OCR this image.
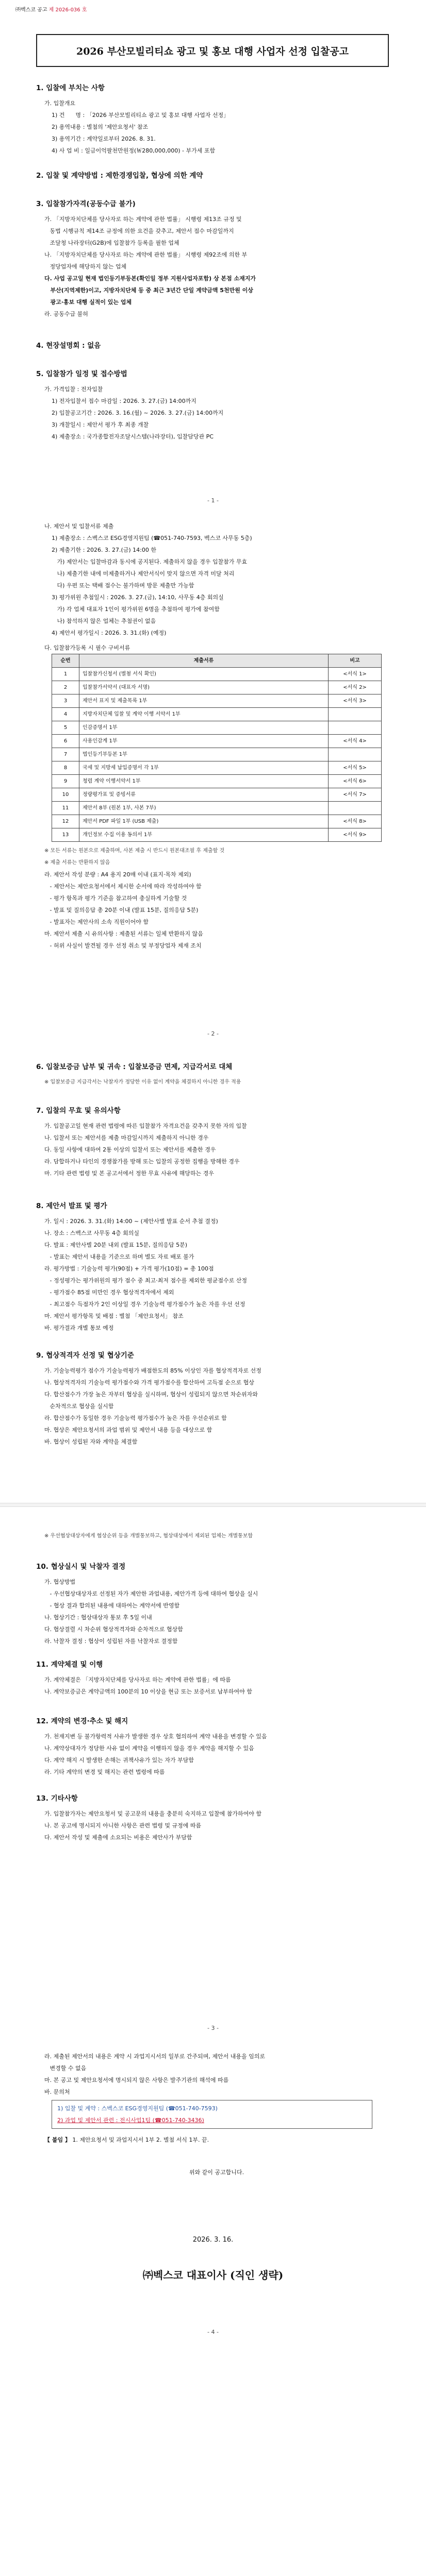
㈜벡스코 공고 제 2026-036 호
2026 부산모빌리티쇼 광고 및 홍보 대행 사업자 선정 입찰공고
1. 입찰에 부치는 사항
가. 입찰개요
1) 건      명 : 「2026 부산모빌리티쇼 광고 및 홍보 대행 사업자 선정」
2) 용역내용 : 별첨의 '제안요청서' 참조
3) 용역기간 : 계약일로부터 2026. 8. 31.
4) 사 업 비 : 일금이억팔천만원정(￦280,000,000) - 부가세 포함
2. 입찰 및 계약방법 : 제한경쟁입찰, 협상에 의한 계약
3. 입찰참가자격(공동수급 불가)
가. 「지방자치단체를 당사자로 하는 계약에 관한 법률」 시행령 제13조 규정 및
동법 시행규칙 제14조 규정에 의한 요건을 갖추고, 제안서 접수 마감일까지
조달청 나라장터(G2B)에 입찰참가 등록을 필한 업체
나. 「지방자치단체를 당사자로 하는 계약에 관한 법률」 시행령 제92조에 의한 부
정당업자에 해당하지 않는 업체
다. 사업 공고일 현재 법인등기부등본(확인일 정부 지원사업자포함) 상 본점 소재지가
부산(지역제한)이고, 지방자치단체 등 중 최근 3년간 단일 계약금액 5천만원 이상
광고·홍보 대행 실적이 있는 업체
라. 공동수급 불허
4. 현장설명회 : 없음
5. 입찰참가 일정 및 접수방법
가. 가격입찰 : 전자입찰
1) 전자입찰서 접수 마감일 : 2026. 3. 27.(금) 14:00까지
2) 입찰공고기간 : 2026. 3. 16.(월) ~ 2026. 3. 27.(금) 14:00까지
3) 개찰일시 : 제안서 평가 후 최종 개찰
4) 제출장소 : 국가종합전자조달시스템(나라장터), 입찰담당관 PC
- 1 -
나. 제안서 및 입찰서류 제출
1) 제출장소 : 스벡스코 ESG경영지원팀 (☎051-740-7593, 벡스코 사무동 5층)
2) 제출기한 : 2026. 3. 27.(금) 14:00 한
가) 제안서는 입찰마감과 동시에 공지된다. 제출하지 않을 경우 입찰참가 무효
나) 제출기한 내에 미제출하거나 제안서식이 맞지 않으면 자격 미달 처리
다) 우편 또는 택배 접수는 불가하며 방문 제출만 가능함
3) 평가위원 추첨일시 : 2026. 3. 27.(금), 14:10, 사무동 4층 회의실
가) 각 업체 대표자 1인이 평가위원 6명을 추첨하여 평가에 참여함
나) 참석하지 않은 업체는 추첨권이 없음
4) 제안서 평가일시 : 2026. 3. 31.(화) (예정)
다. 입찰참가등록 시 필수 구비서류
순번	제출서류	비고
1	입찰참가신청서 (별첨 서식 확인)	<서식 1>
2	입찰참가서약서 (대표자 서명)	<서식 2>
3	제안서 표지 및 제출목록 1부	<서식 3>
4	지방자치단체 입찰 및 계약 이행 서약서 1부	
5	인감증명서 1부	
6	사용인감계 1부	<서식 4>
7	법인등기부등본 1부	
8	국세 및 지방세 납입증명서 각 1부	<서식 5>
9	청렴 계약 이행서약서 1부	<서식 6>
10	정량평가표 및 증빙서류	<서식 7>
11	제안서 8부 (원본 1부, 사본 7부)	
12	제안서 PDF 파일 1부 (USB 제출)	<서식 8>
13	개인정보 수집 이용 동의서 1부	<서식 9>
※ 모든 서류는 원본으로 제출하며, 사본 제출 시 반드시 원본대조필 후 제출할 것
※ 제출 서류는 반환하지 않음
라. 제안서 작성 분량 : A4 용지 20매 이내 (표지·목차 제외)
- 제안서는 제안요청서에서 제시한 순서에 따라 작성하여야 함
- 평가 항목과 평가 기준을 참고하여 충실하게 기술할 것
- 발표 및 질의응답 총 20분 이내 (발표 15분, 질의응답 5분)
- 발표자는 제안사의 소속 직원이어야 함
마. 제안서 제출 시 유의사항 : 제출된 서류는 일체 반환하지 않음
- 허위 사실이 발견될 경우 선정 취소 및 부정당업자 제재 조치
- 2 -
6. 입찰보증금 납부 및 귀속 : 입찰보증금 면제, 지급각서로 대체
※ 입찰보증금 지급각서는 낙찰자가 정당한 이유 없이 계약을 체결하지 아니한 경우 적용
7. 입찰의 무효 및 유의사항
가. 입찰공고일 현재 관련 법령에 따른 입찰참가 자격요건을 갖추지 못한 자의 입찰
나. 입찰서 또는 제안서를 제출 마감일시까지 제출하지 아니한 경우
다. 동일 사항에 대하여 2통 이상의 입찰서 또는 제안서를 제출한 경우
라. 담합하거나 타인의 경쟁참가를 방해 또는 입찰의 공정한 집행을 방해한 경우
마. 기타 관련 법령 및 본 공고서에서 정한 무효 사유에 해당하는 경우
8. 제안서 발표 및 평가
가. 일시 : 2026. 3. 31.(화) 14:00 ~ (제안사별 발표 순서 추첨 결정)
나. 장소 : 스벡스코 사무동 4층 회의실
다. 발표 : 제안사별 20분 내외 (발표 15분, 질의응답 5분)
- 발표는 제안서 내용을 기준으로 하며 별도 자료 배포 불가
라. 평가방법 : 기술능력 평가(90점) + 가격 평가(10점) = 총 100점
- 정성평가는 평가위원의 평가 점수 중 최고·최저 점수를 제외한 평균점수로 산정
- 평가점수 85점 미만인 경우 협상적격자에서 제외
- 최고점수 득점자가 2인 이상일 경우 기술능력 평가점수가 높은 자를 우선 선정
마. 제안서 평가항목 및 배점 : 별첨 「제안요청서」 참조
바. 평가결과 개별 통보 예정
9. 협상적격자 선정 및 협상기준
가. 기술능력평가 점수가 기술능력평가 배점한도의 85% 이상인 자를 협상적격자로 선정
나. 협상적격자의 기술능력 평가점수와 가격 평가점수를 합산하여 고득점 순으로 협상
다. 합산점수가 가장 높은 자부터 협상을 실시하며, 협상이 성립되지 않으면 차순위자와
순차적으로 협상을 실시함
라. 합산점수가 동일한 경우 기술능력 평가점수가 높은 자를 우선순위로 함
마. 협상은 제안요청서의 과업 범위 및 제안서 내용 등을 대상으로 함
바. 협상이 성립된 자와 계약을 체결함
※ 우선협상대상자에게 협상순위 등을 개별통보하고, 협상대상에서 제외된 업체는 개별통보함
10. 협상실시 및 낙찰자 결정
가. 협상방법
- 우선협상대상자로 선정된 자가 제안한 과업내용, 제안가격 등에 대하여 협상을 실시
- 협상 결과 합의된 내용에 대하여는 계약서에 반영함
나. 협상기간 : 협상대상자 통보 후 5일 이내
다. 협상결렬 시 차순위 협상적격자와 순차적으로 협상함
라. 낙찰자 결정 : 협상이 성립된 자를 낙찰자로 결정함
11. 계약체결 및 이행
가. 계약체결은 「지방자치단체를 당사자로 하는 계약에 관한 법률」에 따름
나. 계약보증금은 계약금액의 100분의 10 이상을 현금 또는 보증서로 납부하여야 함
12. 계약의 변경·추소 및 해지
가. 천재지변 등 불가항력적 사유가 발생한 경우 상호 협의하여 계약 내용을 변경할 수 있음
나. 계약상대자가 정당한 사유 없이 계약을 이행하지 않을 경우 계약을 해지할 수 있음
다. 계약 해지 시 발생한 손해는 귀책사유가 있는 자가 부담함
라. 기타 계약의 변경 및 해지는 관련 법령에 따름
13. 기타사항
가. 입찰참가자는 제안요청서 및 공고문의 내용을 충분히 숙지하고 입찰에 참가하여야 함
나. 본 공고에 명시되지 아니한 사항은 관련 법령 및 규정에 따름
다. 제안서 작성 및 제출에 소요되는 비용은 제안사가 부담함
- 3 -
라. 제출된 제안서의 내용은 계약 시 과업지시서의 일부로 간주되며, 제안서 내용을 임의로
변경할 수 없음
마. 본 공고 및 제안요청서에 명시되지 않은 사항은 발주기관의 해석에 따름
바. 문의처
1) 입찰 및 계약 : 스벡스코 ESG경영지원팀 (☎051-740-7593)
2) 과업 및 제안서 관련 : 전시사업1팀 (☎051-740-3436)
【 붙임 】 1. 제안요청서 및 과업지시서 1부 2. 별첨 서식 1부. 끝.
위와 같이 공고합니다.
2026. 3. 16.
㈜벡스코 대표이사 (직인 생략)
- 4 -
